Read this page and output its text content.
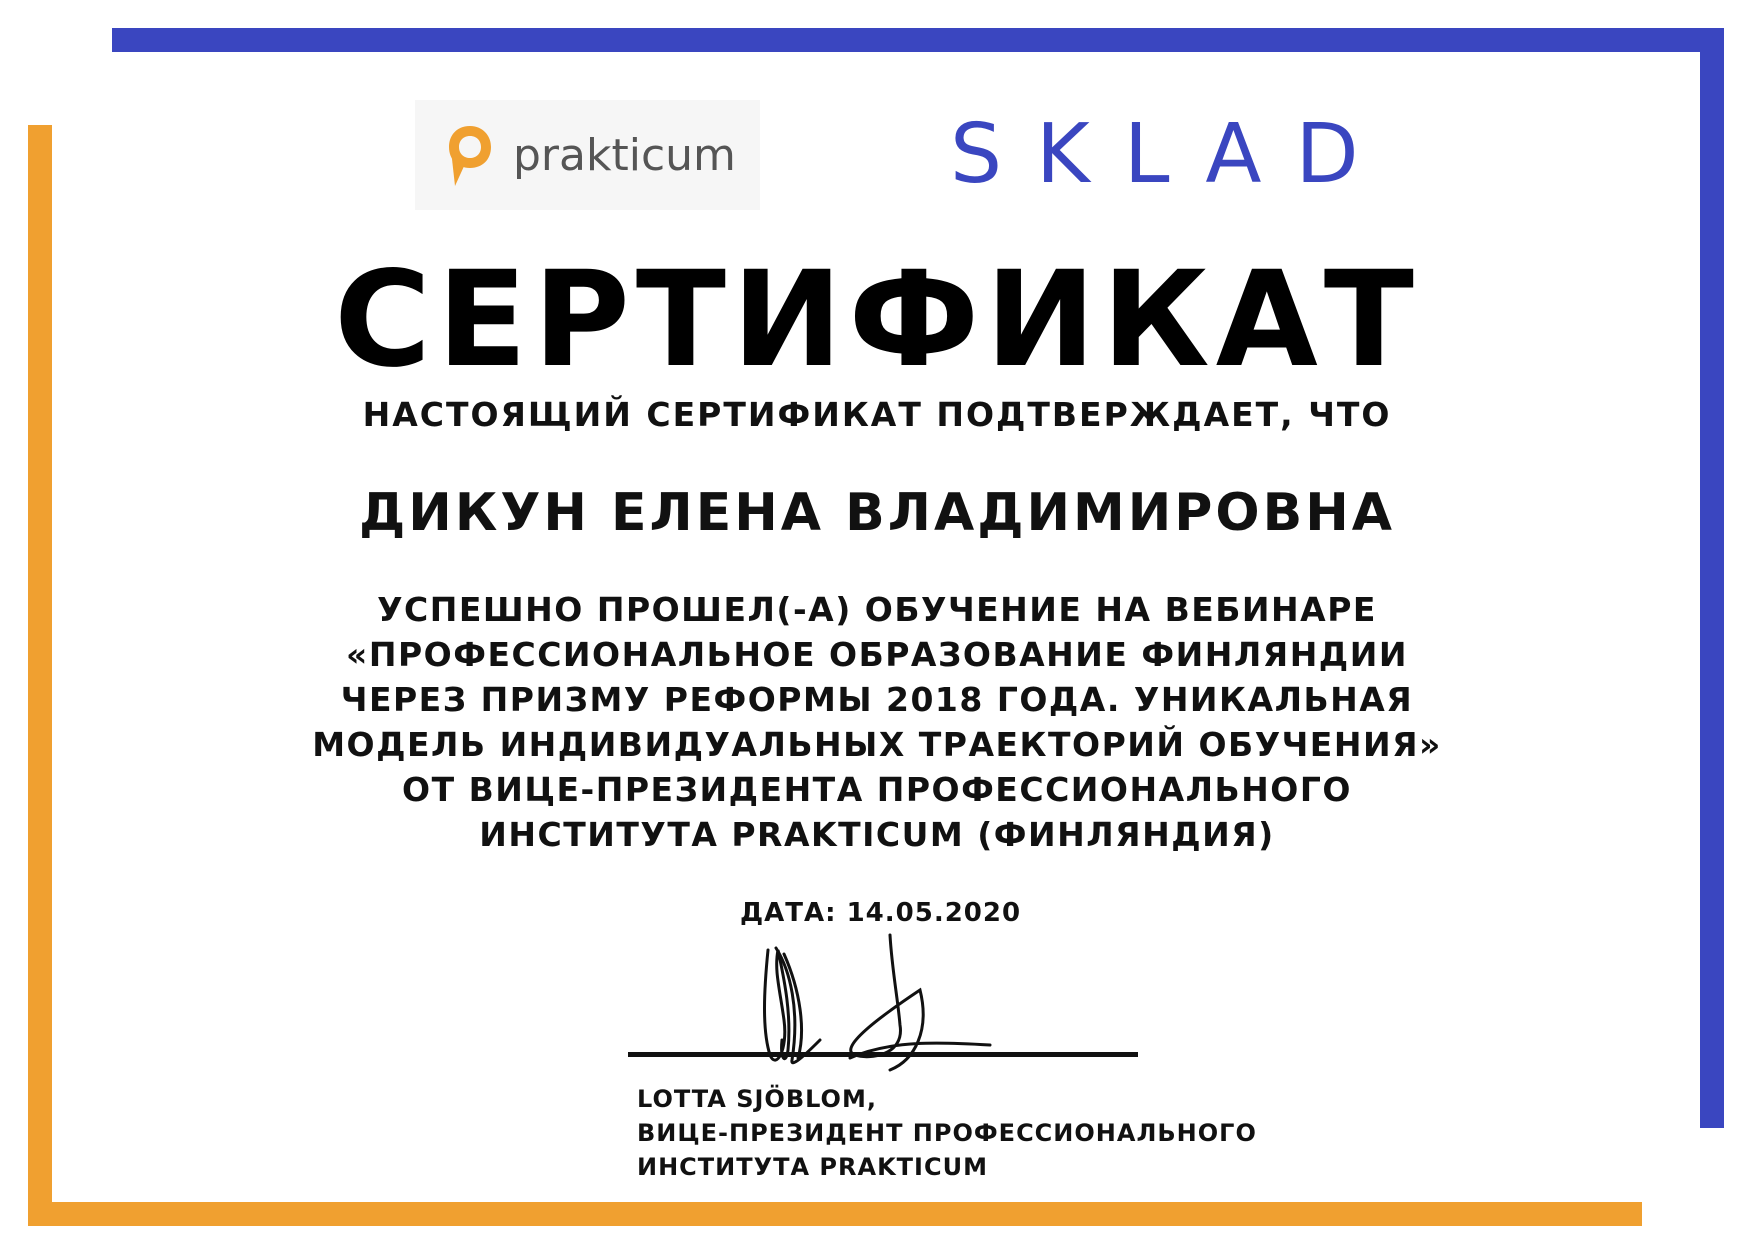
prakticum	SKLAD
СЕРТИФИКАТ
НАСТОЯЩИЙ СЕРТИФИКАТ ПОДТВЕРЖДАЕТ, ЧТО
ДИКУН ЕЛЕНА ВЛАДИМИРОВНА
УСПЕШНО ПРОШЕЛ(-А) ОБУЧЕНИЕ НА ВЕБИНАРЕ
«ПРОФЕССИОНАЛЬНОЕ ОБРАЗОВАНИЕ ФИНЛЯНДИИ
ЧЕРЕЗ ПРИЗМУ РЕФОРМЫ 2018 ГОДА. УНИКАЛЬНАЯ
МОДЕЛЬ ИНДИВИДУАЛЬНЫХ ТРАЕКТОРИЙ ОБУЧЕНИЯ»
ОТ ВИЦЕ-ПРЕЗИДЕНТА ПРОФЕССИОНАЛЬНОГО
ИНСТИТУТА PRAKTICUM (ФИНЛЯНДИЯ)
ДАТА: 14.05.2020
LOTTA SJÖBLOM,
ВИЦЕ-ПРЕЗИДЕНТ ПРОФЕССИОНАЛЬНОГО
ИНСТИТУТА PRAKTICUM
